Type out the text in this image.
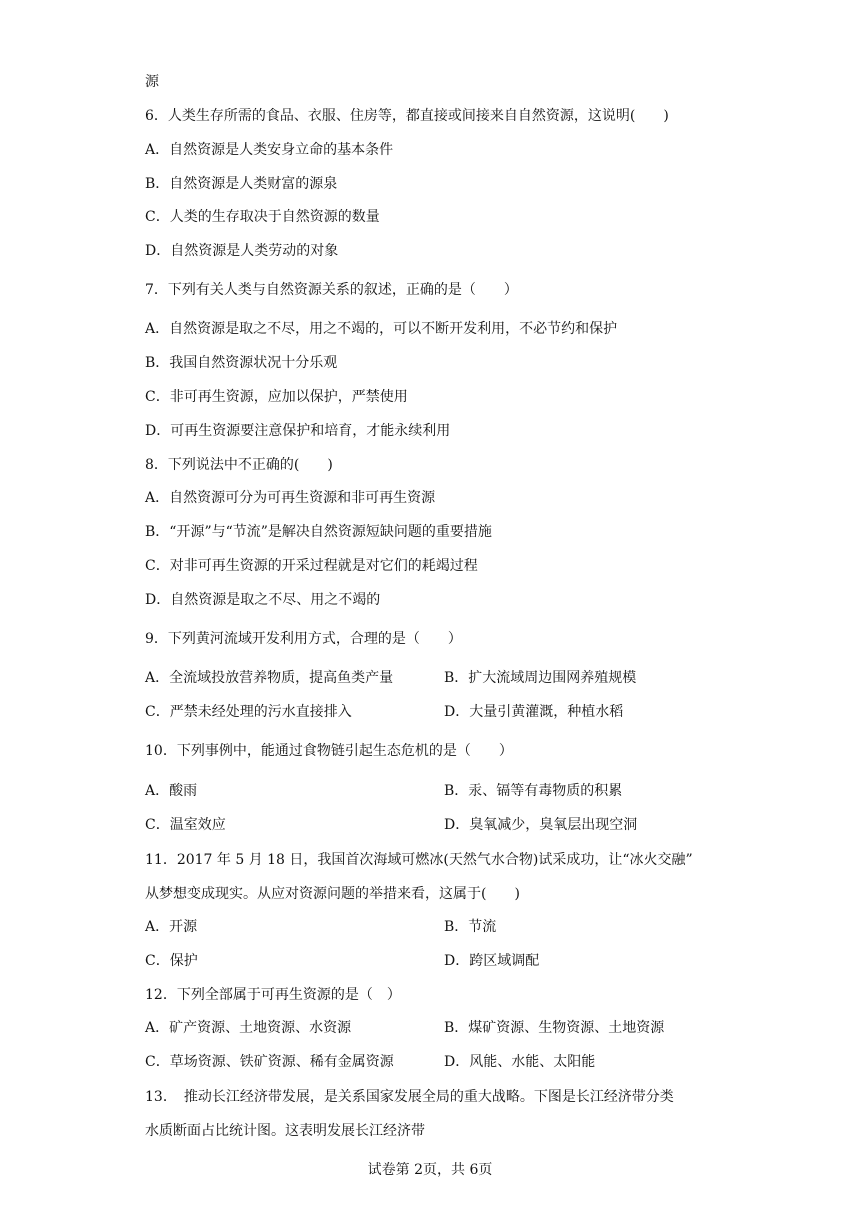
源
6．人类生存所需的食品、衣服、住房等，都直接或间接来自自然资源，这说明(　　)
A．自然资源是人类安身立命的基本条件
B．自然资源是人类财富的源泉
C．人类的生存取决于自然资源的数量
D．自然资源是人类劳动的对象
7．下列有关人类与自然资源关系的叙述，正确的是（　　）
A．自然资源是取之不尽，用之不竭的，可以不断开发利用，不必节约和保护
B．我国自然资源状况十分乐观
C．非可再生资源，应加以保护，严禁使用
D．可再生资源要注意保护和培育，才能永续利用
8．下列说法中不正确的(　　)
A．自然资源可分为可再生资源和非可再生资源
B．“开源”与“节流”是解决自然资源短缺问题的重要措施
C．对非可再生资源的开采过程就是对它们的耗竭过程
D．自然资源是取之不尽、用之不竭的
9．下列黄河流域开发利用方式，合理的是（　　）
A．全流域投放营养物质，提高鱼类产量	B．扩大流域周边围网养殖规模
C．严禁未经处理的污水直接排入	D．大量引黄灌溉，种植水稻
10．下列事例中，能通过食物链引起生态危机的是（　　）
A．酸雨	B．汞、镉等有毒物质的积累
C．温室效应	D．臭氧减少，臭氧层出现空洞
11．2017 年 5 月 18 日，我国首次海域可燃冰(天然气水合物)试采成功，让“冰火交融”
从梦想变成现实。从应对资源问题的举措来看，这属于(　　)
A．开源	B．节流
C．保护	D．跨区域调配
12．下列全部属于可再生资源的是（　）
A．矿产资源、土地资源、水资源	B．煤矿资源、生物资源、土地资源
C．草场资源、铁矿资源、稀有金属资源	D．风能、水能、太阳能
13．　推动长江经济带发展，是关系国家发展全局的重大战略。下图是长江经济带分类
水质断面占比统计图。这表明发展长江经济带
试卷第 2页，共 6页
